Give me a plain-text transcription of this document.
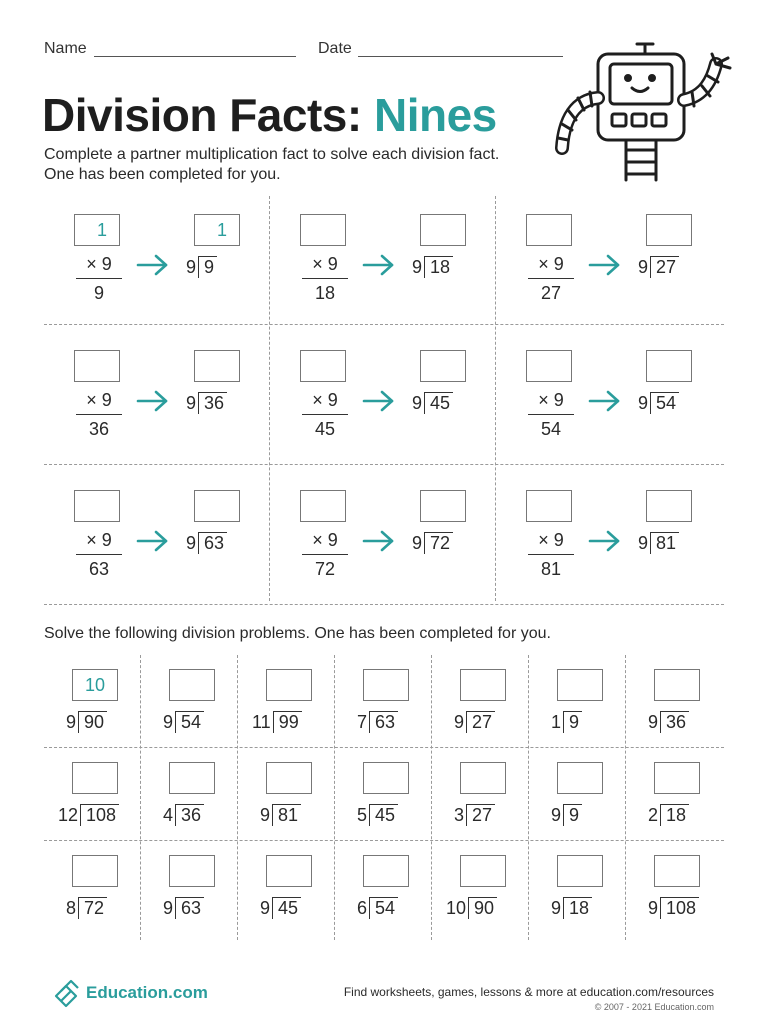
Name	Date
Division Facts: Nines
Complete a partner multiplication fact to solve each division fact.
One has been completed for you.
1
× 9
9
1
9 9	× 9
18
9 18	× 9
27
9 27
× 9
36
9 36	× 9
45
9 45	× 9
54
9 54
× 9
63
9 63	× 9
72
9 72	× 9
81
9 81
Solve the following division problems. One has been completed for you.
10
9 90	9 54	11 99	7 63	9 27	1 9	9 36
12 108	4 36	9 81	5 45	3 27	9 9	2 18
8 72	9 63	9 45	6 54	10 90	9 18	9 108
Education.com	Find worksheets, games, lessons & more at education.com/resources
© 2007 - 2021 Education.com
